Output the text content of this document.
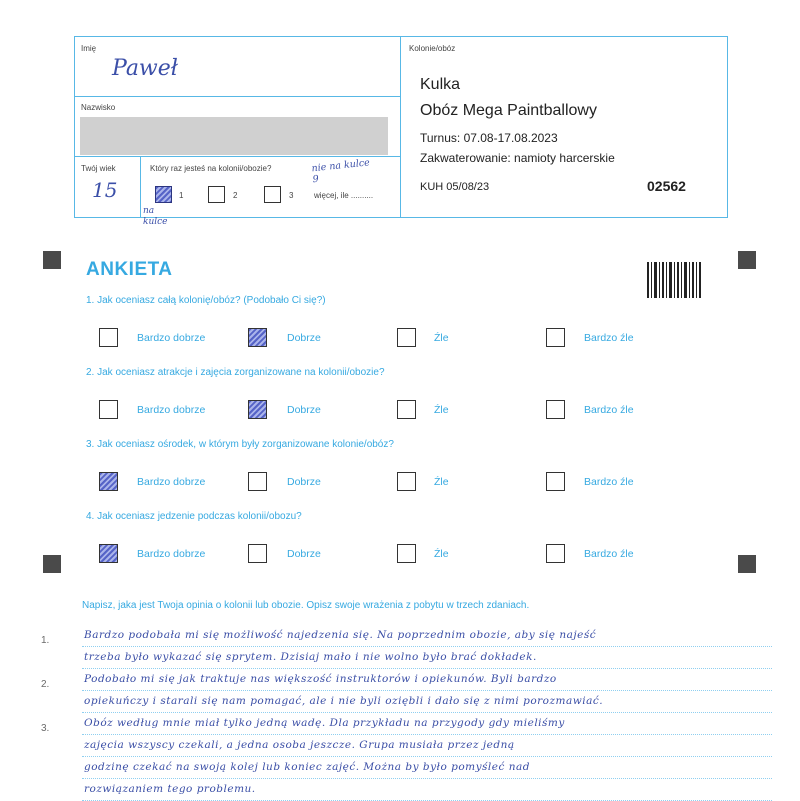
Imię
Paweł
Nazwisko
Twój wiek
15
Który raz jesteś na kolonii/obozie?	nie na kulce 9
1	2	3	więcej, ile ..........
na kulce
Kolonie/obóz
Kulka
Obóz Mega Paintballowy
Turnus: 07.08-17.08.2023
Zakwaterowanie: namioty harcerskie
KUH 05/08/23	02562
ANKIETA
1. Jak oceniasz całą kolonię/obóz? (Podobało Ci się?)
Bardzo dobrze	Dobrze	Źle	Bardzo źle
2. Jak oceniasz atrakcje i zajęcia zorganizowane na kolonii/obozie?
Bardzo dobrze	Dobrze	Źle	Bardzo źle
3. Jak oceniasz ośrodek, w którym były zorganizowane kolonie/obóz?
Bardzo dobrze	Dobrze	Źle	Bardzo źle
4. Jak oceniasz jedzenie podczas kolonii/obozu?
Bardzo dobrze	Dobrze	Źle	Bardzo źle
Napisz, jaka jest Twoja opinia o kolonii lub obozie. Opisz swoje wrażenia z pobytu w trzech zdaniach.
Bardzo podobała mi się możliwość najedzenia się. Na poprzednim obozie, aby się najeść
trzeba było wykazać się sprytem. Dzisiaj mało i nie wolno było brać dokładek.
Podobało mi się jak traktuje nas większość instruktorów i opiekunów. Byli bardzo
opiekuńczy i starali się nam pomagać, ale i nie byli oziębli i dało się z nimi porozmawiać.
Obóz według mnie miał tylko jedną wadę. Dla przykładu na przygody gdy mieliśmy
zajęcia wszyscy czekali, a jedna osoba jeszcze. Grupa musiała przez jedną
godzinę czekać na swoją kolej lub koniec zajęć. Można by było pomyśleć nad
rozwiązaniem tego problemu.
1.
2.
3.
